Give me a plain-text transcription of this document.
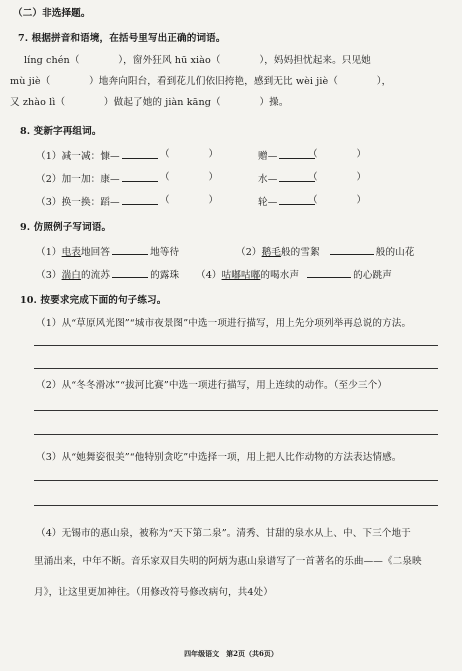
（二）非选择题。
7. 根据拼音和语境，在括号里写出正确的词语。
líng chén（　　　　），窗外狂风 hū xiào（　　　　），妈妈担忧起来。只见她
mù jiè（　　　　）地奔向阳台，看到花儿们依旧挎艳，感到无比 wèi jiè（　　　　），
又 zhào lì（　　　　）做起了她的 jiàn kāng（　　　　）操。
8. 变新字再组词。
（1）减一减：慷—	（　　　　）	赠—	（　　　　）
（2）加一加：康—	（　　　　）	水—	（　　　　）
（3）换一换：蹈—	（　　　　）	轮—	（　　　　）
9. 仿照例子写词语。
（1）电表地回答	地等待	（2）鹅毛般的雪絮	般的山花
（3）湍白的流苏	的露珠 （4）咕嘟咕嘟的喝水声	的心跳声
10. 按要求完成下面的句子练习。
（1）从“草原风光图”“城市夜景图”中选一项进行描写，用上先分项列举再总说的方法。
（2）从“冬冬滑冰”“拔河比赛”中选一项进行描写，用上连续的动作。（至少三个）
（3）从“她舞姿很美”“他特别贪吃”中选择一项，用上把人比作动物的方法表达情感。
（4）无锡市的惠山泉，被称为“天下第二泉”。清秀、甘甜的泉水从上、中、下三个地于
里涌出来，中年不断。音乐家双目失明的阿炳为惠山泉谱写了一首著名的乐曲——《二泉映
月》，让这里更加神往。（用修改符号修改病句，共4处）
四年级语文　第2页（共6页）
